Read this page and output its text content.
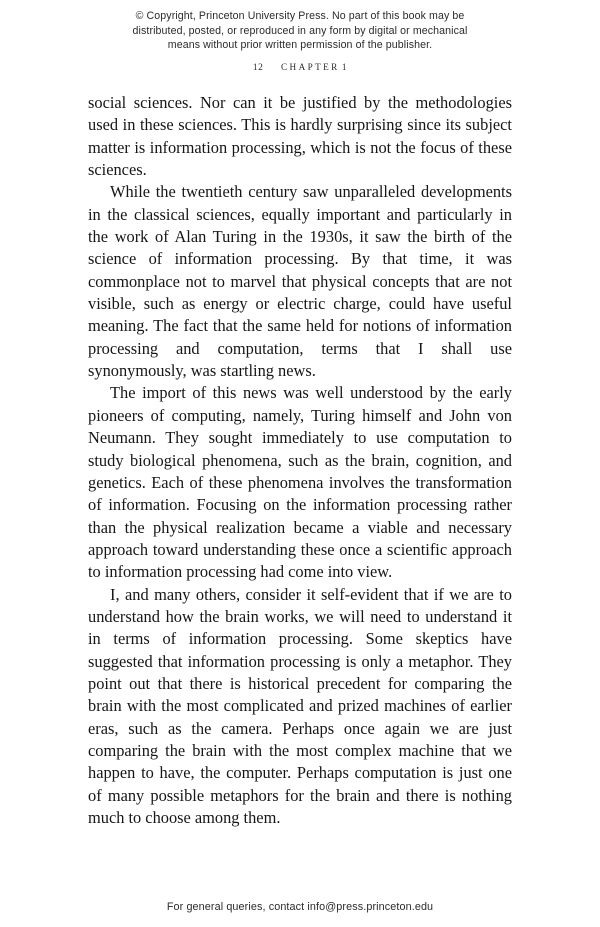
© Copyright, Princeton University Press. No part of this book may be
distributed, posted, or reproduced in any form by digital or mechanical
means without prior written permission of the publisher.
12 CHAPTER 1

social sciences. Nor can it be justified by the methodologies used in these sciences. This is hardly surprising since its subject matter is information processing, which is not the focus of these sciences.

While the twentieth century saw unparalleled developments in the classical sciences, equally important and particularly in the work of Alan Turing in the 1930s, it saw the birth of the science of information processing. By that time, it was commonplace not to marvel that physical concepts that are not visible, such as energy or electric charge, could have useful meaning. The fact that the same held for notions of information processing and computation, terms that I shall use synonymously, was startling news.

The import of this news was well understood by the early pioneers of computing, namely, Turing himself and John von Neumann. They sought immediately to use computation to study biological phenomena, such as the brain, cognition, and genetics. Each of these phenomena involves the transformation of information. Focusing on the information processing rather than the physical realization became a viable and necessary approach toward understanding these once a scientific approach to information processing had come into view.

I, and many others, consider it self-evident that if we are to understand how the brain works, we will need to understand it in terms of information processing. Some skeptics have suggested that information processing is only a metaphor. They point out that there is historical precedent for comparing the brain with the most complicated and prized machines of earlier eras, such as the camera. Perhaps once again we are just comparing the brain with the most complex machine that we happen to have, the computer. Perhaps computation is just one of many possible metaphors for the brain and there is nothing much to choose among them.

For general queries, contact info@press.princeton.edu
